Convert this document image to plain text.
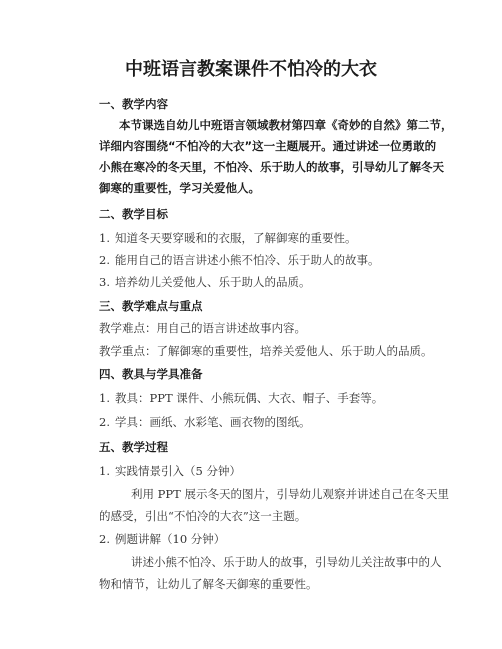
中班语言教案课件不怕冷的大衣
一、教学内容
本节课选自幼儿中班语言领域教材第四章《奇妙的自然》第二节，
详细内容围绕“不怕冷的大衣”这一主题展开。通过讲述一位勇敢的
小熊在寒冷的冬天里，不怕冷、乐于助人的故事，引导幼儿了解冬天
御寒的重要性，学习关爱他人。
二、教学目标
1. 知道冬天要穿暖和的衣服，了解御寒的重要性。
2. 能用自己的语言讲述小熊不怕冷、乐于助人的故事。
3. 培养幼儿关爱他人、乐于助人的品质。
三、教学难点与重点
教学难点：用自己的语言讲述故事内容。
教学重点：了解御寒的重要性，培养关爱他人、乐于助人的品质。
四、教具与学具准备
1. 教具：PPT 课件、小熊玩偶、大衣、帽子、手套等。
2. 学具：画纸、水彩笔、画衣物的图纸。
五、教学过程
1. 实践情景引入（5 分钟）
利用 PPT 展示冬天的图片，引导幼儿观察并讲述自己在冬天里
的感受，引出“不怕冷的大衣”这一主题。
2. 例题讲解（10 分钟）
讲述小熊不怕冷、乐于助人的故事，引导幼儿关注故事中的人
物和情节，让幼儿了解冬天御寒的重要性。
